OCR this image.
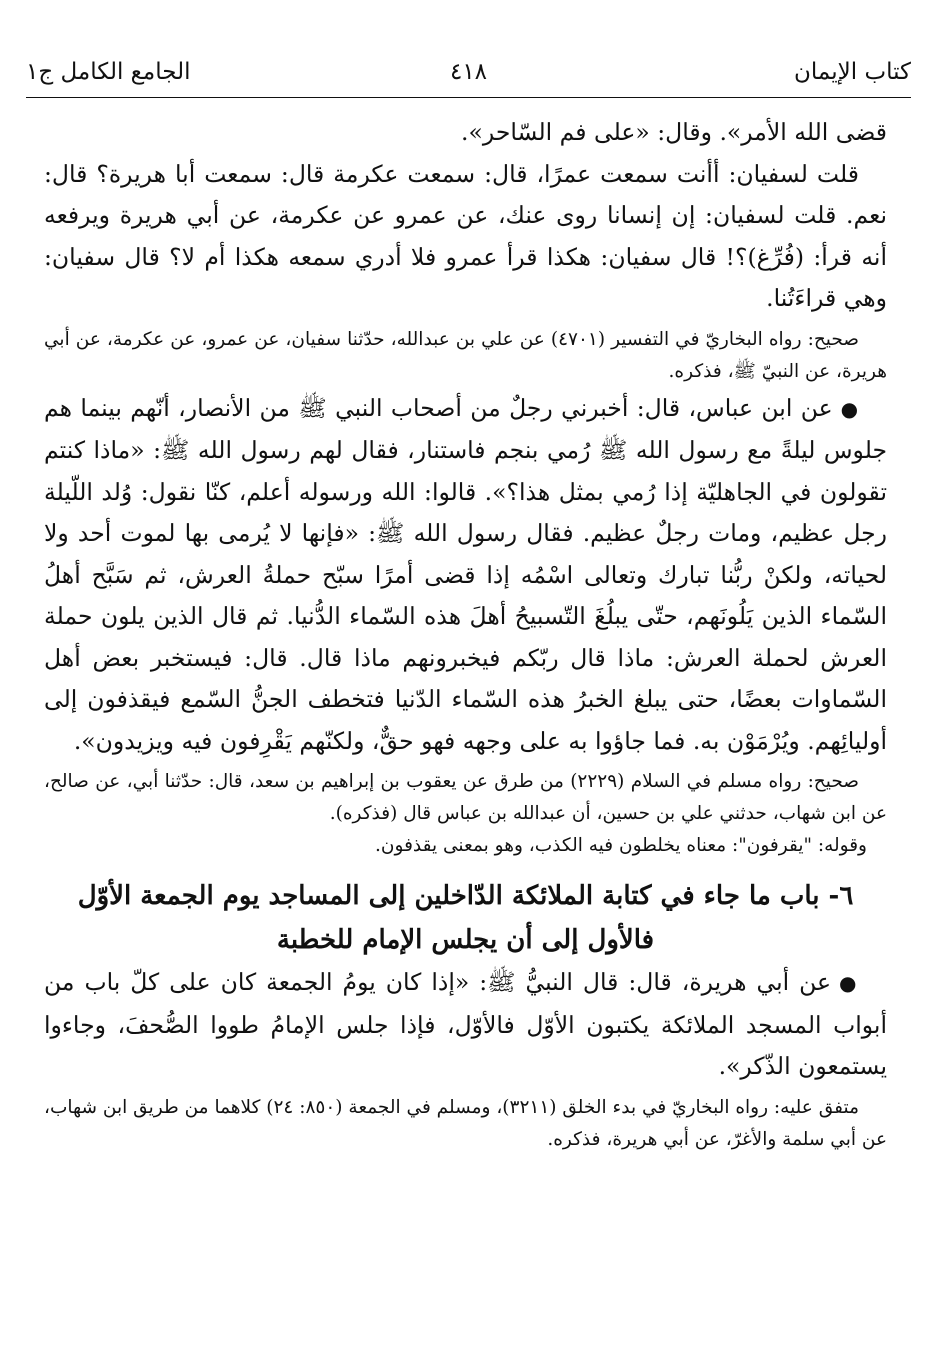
كتاب الإيمان
٤١٨
الجامع الكامل ج١

قضى الله الأمر». وقال: «على فم السّاحر».

قلت لسفيان: أأنت سمعت عمرًا، قال: سمعت عكرمة قال: سمعت أبا هريرة؟ قال: نعم. قلت لسفيان: إن إنسانا روى عنك، عن عمرو عن عكرمة، عن أبي هريرة ويرفعه أنه قرأ: (فُرِّغ)؟! قال سفيان: هكذا قرأ عمرو فلا أدري سمعه هكذا أم لا؟ قال سفيان: وهي قراءَتُنا.

صحيح: رواه البخاريّ في التفسير (٤٧٠١) عن علي بن عبدالله، حدّثنا سفيان، عن عمرو، عن عكرمة، عن أبي هريرة، عن النبيّ ﷺ، فذكره.

●عن ابن عباس، قال: أخبرني رجلٌ من أصحاب النبي ﷺ من الأنصار، أنّهم بينما هم جلوس ليلةً مع رسول الله ﷺ رُمي بنجم فاستنار، فقال لهم رسول الله ﷺ: «ماذا كنتم تقولون في الجاهليّة إذا رُمي بمثل هذا؟». قالوا: الله ورسوله أعلم، كنّا نقول: وُلد اللّيلة رجل عظيم، ومات رجلٌ عظيم. فقال رسول الله ﷺ: «فإنها لا يُرمى بها لموت أحد ولا لحياته، ولكنْ ربُّنا تبارك وتعالى اسْمُه إذا قضى أمرًا سبّح حملةُ العرش، ثم سَبَّح أهلُ السّماء الذين يَلُونَهم، حتّى يبلُغَ التّسبيحُ أهلَ هذه السّماء الدُّنيا. ثم قال الذين يلون حملة العرش لحملة العرش: ماذا قال ربّكم فيخبرونهم ماذا قال. قال: فيستخبر بعض أهل السّماوات بعضًا، حتى يبلغ الخبرُ هذه السّماء الدّنيا فتخطف الجنُّ السّمع فيقذفون إلى أوليائِهم. ويُرْمَوْن به. فما جاؤوا به على وجهه فهو حقٌّ، ولكنّهم يَقْرِفون فيه ويزيدون».

صحيح: رواه مسلم في السلام (٢٢٢٩) من طرق عن يعقوب بن إبراهيم بن سعد، قال: حدّثنا أبي، عن صالح، عن ابن شهاب، حدثني علي بن حسين، أن عبدالله بن عباس قال (فذكره).

وقوله: "يقرفون": معناه يخلطون فيه الكذب، وهو بمعنى يقذفون.

٦- باب ما جاء في كتابة الملائكة الدّاخلين إلى المساجد يوم الجمعة الأوّل
فالأول إلى أن يجلس الإمام للخطبة

●عن أبي هريرة، قال: قال النبيُّ ﷺ: «إذا كان يومُ الجمعة كان على كلّ باب من أبواب المسجد الملائكة يكتبون الأوّل فالأوّل، فإذا جلس الإمامُ طووا الصُّحفَ، وجاءوا يستمعون الذّكر».

متفق عليه: رواه البخاريّ في بدء الخلق (٣٢١١)، ومسلم في الجمعة (٨٥٠: ٢٤) كلاهما من طريق ابن شهاب، عن أبي سلمة والأغرّ، عن أبي هريرة، فذكره.
